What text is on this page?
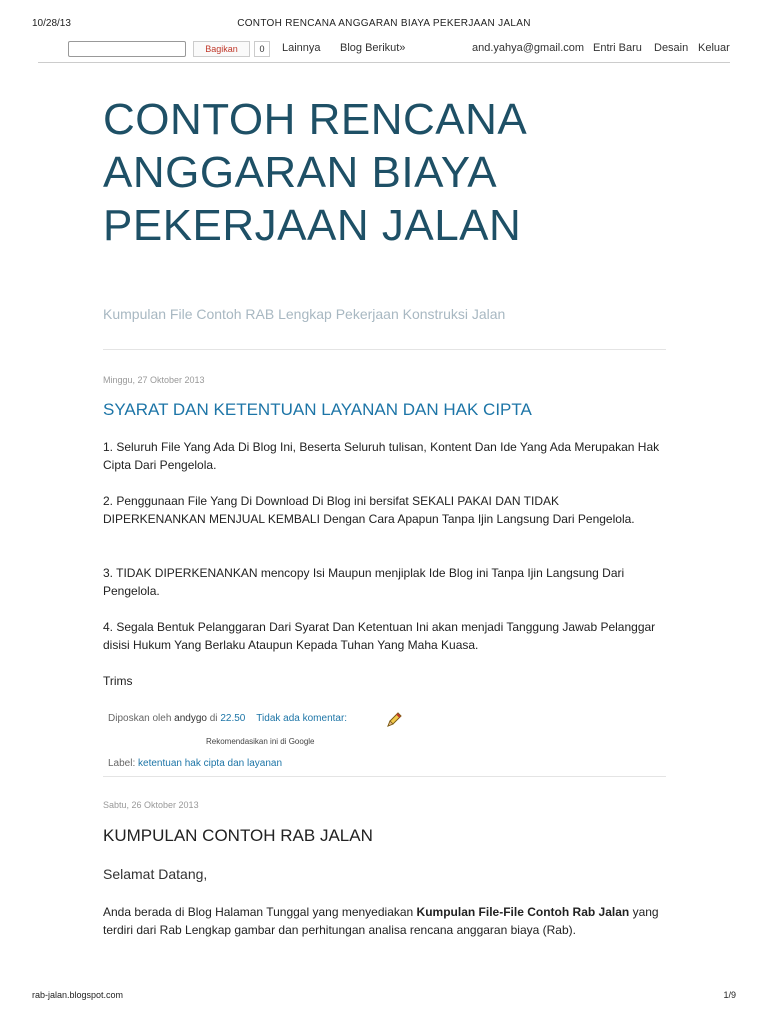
10/28/13	CONTOH RENCANA ANGGARAN BIAYA PEKERJAAN JALAN
Bagikan	0	Lainnya Blog Berikut»	and.yahya@gmail.com Entri Baru Desain Keluar
CONTOH RENCANA ANGGARAN BIAYA PEKERJAAN JALAN
Kumpulan File Contoh RAB Lengkap Pekerjaan Konstruksi Jalan
Minggu, 27 Oktober 2013
SYARAT DAN KETENTUAN LAYANAN DAN HAK CIPTA

1. Seluruh File Yang Ada Di Blog Ini, Beserta Seluruh tulisan, Kontent Dan Ide Yang Ada Merupakan Hak Cipta Dari Pengelola.

2. Penggunaan File Yang Di Download Di Blog ini bersifat SEKALI PAKAI DAN TIDAK DIPERKENANKAN MENJUAL KEMBALI Dengan Cara Apapun Tanpa Ijin Langsung Dari Pengelola.

3. TIDAK DIPERKENANKAN mencopy Isi Maupun menjiplak Ide Blog ini Tanpa Ijin Langsung Dari Pengelola.

4. Segala Bentuk Pelanggaran Dari Syarat Dan Ketentuan Ini akan menjadi Tanggung Jawab Pelanggar disisi Hukum Yang Berlaku Ataupun Kepada Tuhan Yang Maha Kuasa.

Trims
Diposkan oleh andygo di 22.50 Tidak ada komentar:
Rekomendasikan ini di Google
Label: ketentuan hak cipta dan layanan
Sabtu, 26 Oktober 2013
KUMPULAN CONTOH RAB JALAN
Selamat Datang,

Anda berada di Blog Halaman Tunggal yang menyediakan Kumpulan File-File Contoh Rab Jalan yang terdiri dari Rab Lengkap gambar dan perhitungan analisa rencana anggaran biaya (Rab).

rab-jalan.blogspot.com	1/9
